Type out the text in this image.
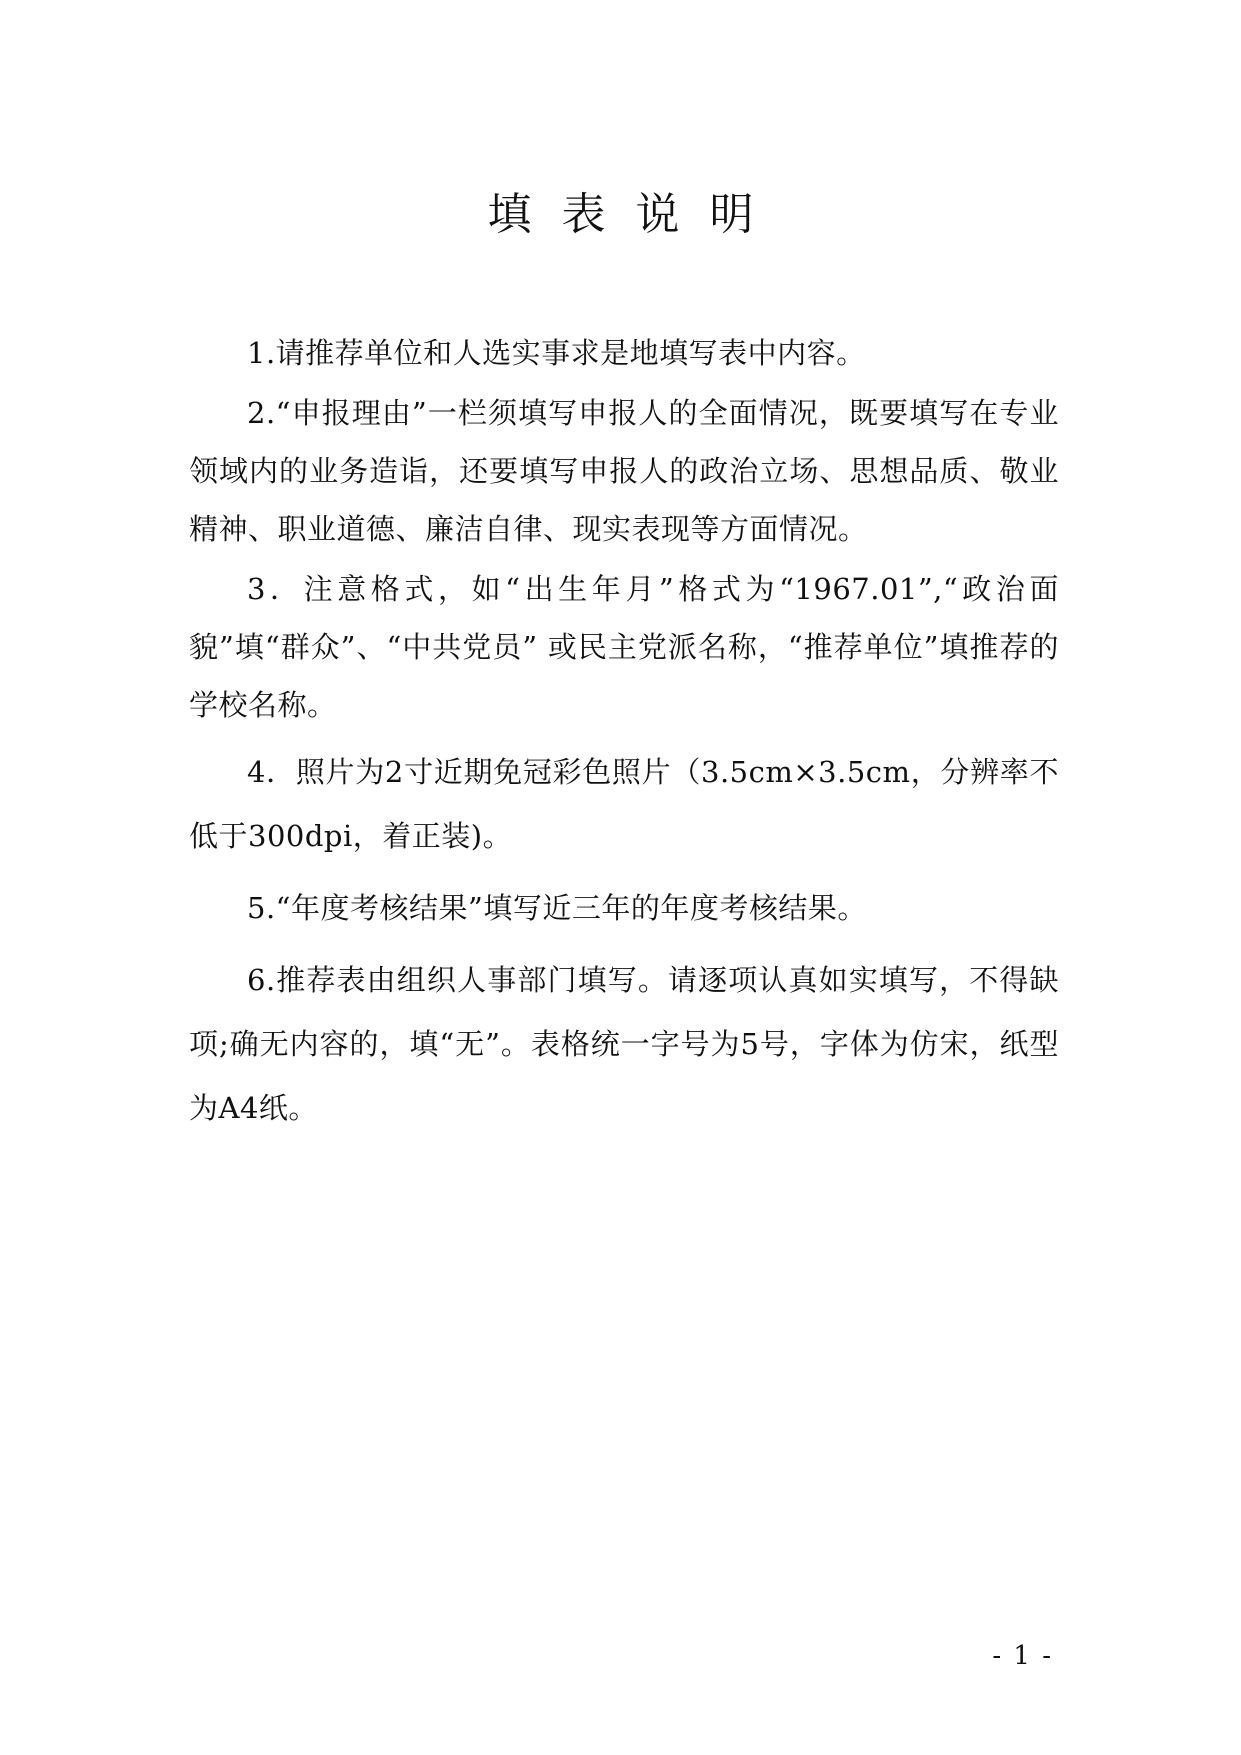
填表说明

1.请推荐单位和人选实事求是地填写表中内容。

2.“申报理由”一栏须填写申报人的全面情况，既要填写在专业领域内的业务造诣，还要填写申报人的政治立场、思想品质、敬业精神、职业道德、廉洁自律、现实表现等方面情况。

3．注意格式，如“出生年月”格式为“1967.01”,“政治面貌”填“群众”、“中共党员” 或民主党派名称，“推荐单位”填推荐的学校名称。

4．照片为2寸近期免冠彩色照片（3.5cm×3.5cm，分辨率不低于300dpi，着正装)。

5.“年度考核结果”填写近三年的年度考核结果。

6.推荐表由组织人事部门填写。请逐项认真如实填写，不得缺项;确无内容的，填“无”。表格统一字号为5号，字体为仿宋，纸型为A4纸。

- 1 -
